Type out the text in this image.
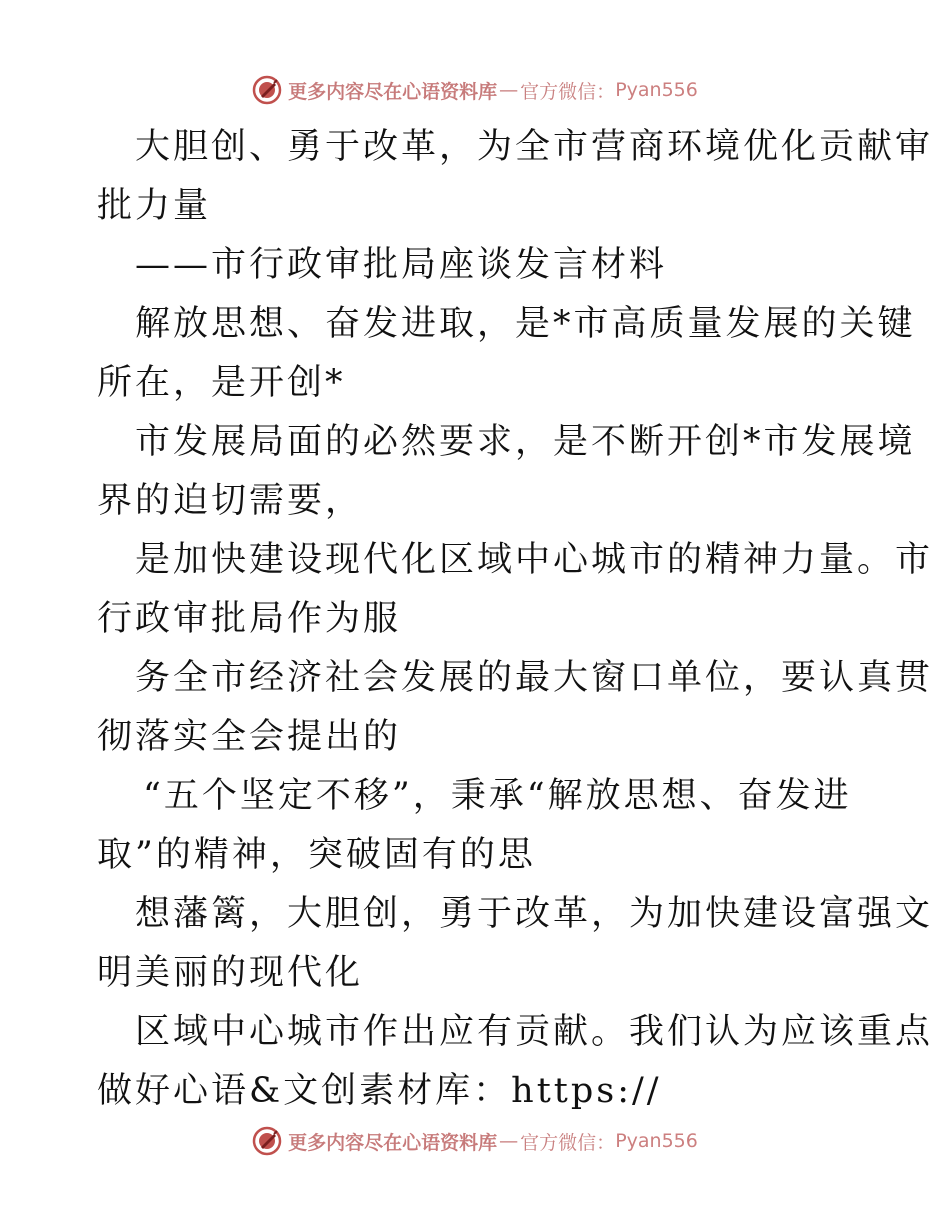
更多内容尽在心语资料库 — 官方微信： Pyan556
大胆创、勇于改革，为全市营商环境优化贡献审
批力量
——市行政审批局座谈发言材料
解放思想、奋发进取，是*市高质量发展的关键
所在，是开创*
市发展局面的必然要求，是不断开创*市发展境
界的迫切需要，
是加快建设现代化区域中心城市的精神力量。市
行政审批局作为服
务全市经济社会发展的最大窗口单位，要认真贯
彻落实全会提出的
“五个坚定不移”，秉承“解放思想、奋发进
取”的精神，突破固有的思
想藩篱，大胆创，勇于改革，为加快建设富强文
明美丽的现代化
区域中心城市作出应有贡献。我们认为应该重点
做好心语&文创素材库：https://
更多内容尽在心语资料库 — 官方微信： Pyan556
